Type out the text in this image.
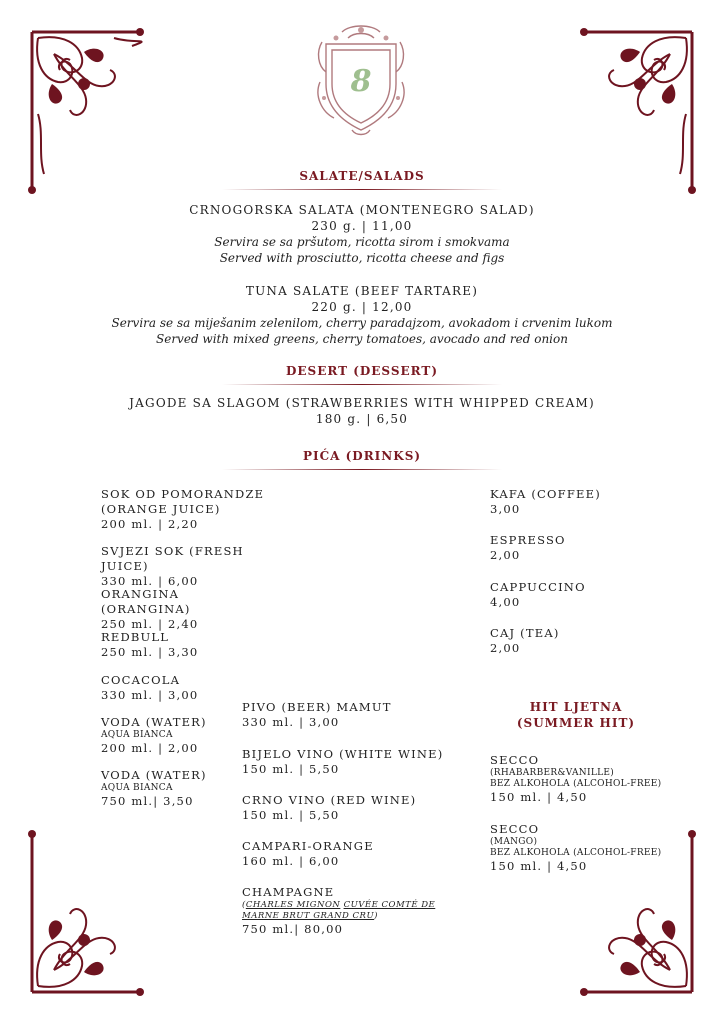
8
SALATE/SALADS
CRNOGORSKA SALATA (MONTENEGRO SALAD)
230 g. | 11,00
Servira se sa pršutom, ricotta sirom i smokvama
Served with prosciutto, ricotta cheese and figs
TUNA SALATE (BEEF TARTARE)
220 g. | 12,00
Servira se sa miješanim zelenilom, cherry paradajzom, avokadom i crvenim lukom
Served with mixed greens, cherry tomatoes, avocado and red onion
DESERT (DESSERT)
JAGODE SA SLAGOM (STRAWBERRIES WITH WHIPPED CREAM)
180 g. | 6,50
PIĆA (DRINKS)
SOK OD POMORANDZE
(ORANGE JUICE)
200 ml. | 2,20
SVJEZI SOK (FRESH JUICE)
330 ml. | 6,00
ORANGINA (ORANGINA)
250 ml. | 2,40
REDBULL
250 ml. | 3,30
COCACOLA
330 ml. | 3,00
VODA (WATER)
AQUA BIANCA
200 ml. | 2,00
VODA (WATER)
AQUA BIANCA
750 ml.| 3,50
PIVO (BEER) MAMUT
330 ml. | 3,00
BIJELO VINO (WHITE WINE)
150 ml. | 5,50
CRNO VINO (RED WINE)
150 ml. | 5,50
CAMPARI-ORANGE
160 ml. | 6,00
CHAMPAGNE
(CHARLES MIGNON CUVÉE COMTÉ DE MARNE BRUT GRAND CRU)
750 ml.| 80,00
KAFA (COFFEE)
3,00
ESPRESSO
2,00
CAPPUCCINO
4,00
CAJ (TEA)
2,00
HIT LJETNA
(SUMMER HIT)
SECCO
(RHABARBER&VANILLE)
BEZ ALKOHOLA (ALCOHOL-FREE)
150 ml. | 4,50
SECCO
(MANGO)
BEZ ALKOHOLA (ALCOHOL-FREE)
150 ml. | 4,50
